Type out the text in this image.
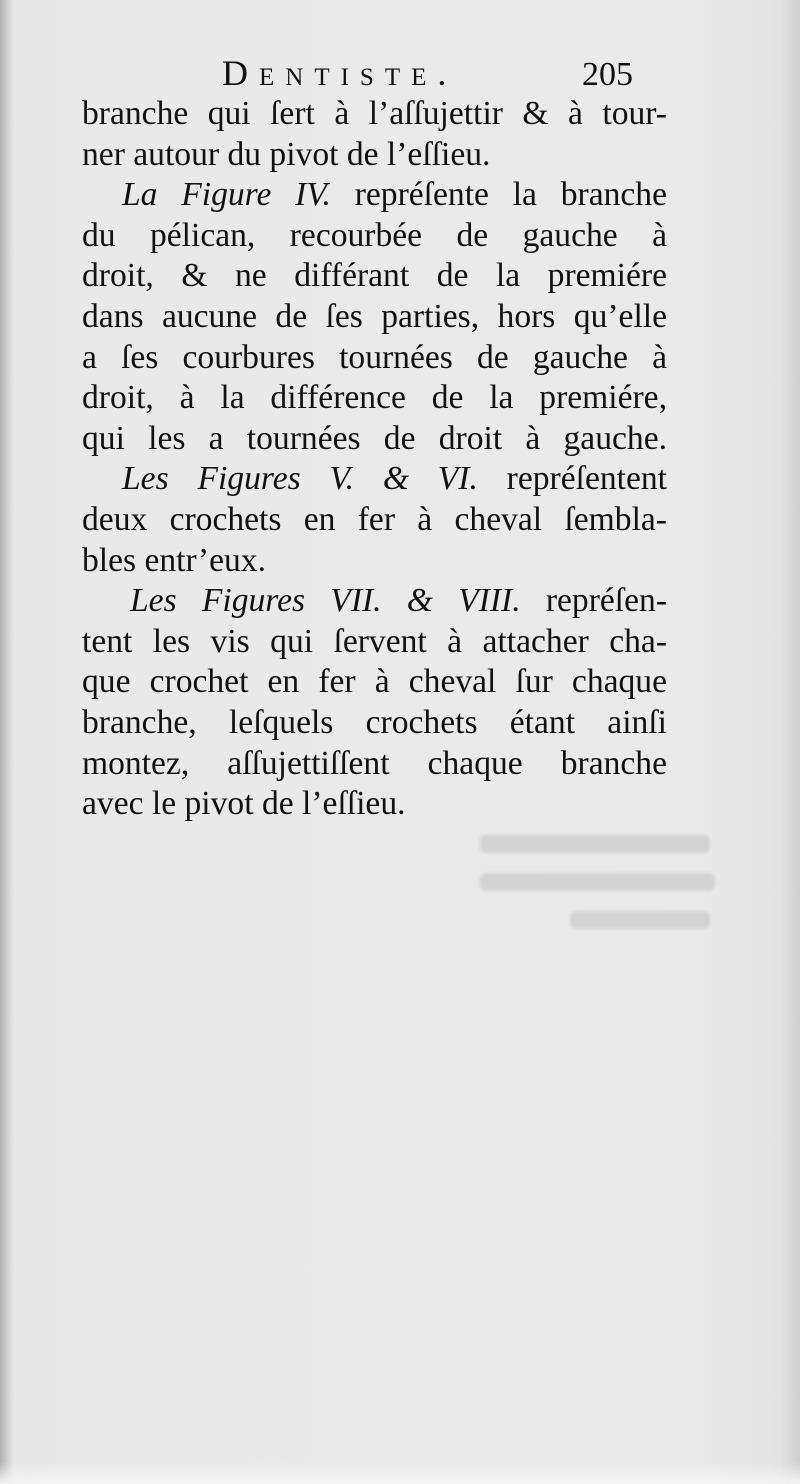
Dentiste.	205
branche qui ſert à l’aſſujettir & à tour-
ner autour du pivot de l’eſſieu.
La Figure IV. repréſente la branche
du pélican, recourbée de gauche à
droit, & ne différant de la premiére
dans aucune de ſes parties, hors qu’elle
a ſes courbures tournées de gauche à
droit, à la différence de la premiére,
qui les a tournées de droit à gauche.
Les Figures V. & VI. repréſentent
deux crochets en fer à cheval ſembla-
bles entr’eux.
Les Figures VII. & VIII. repréſen-
tent les vis qui ſervent à attacher cha-
que crochet en fer à cheval ſur chaque
branche, leſquels crochets étant ainſi
montez, aſſujettiſſent chaque branche
avec le pivot de l’eſſieu.
